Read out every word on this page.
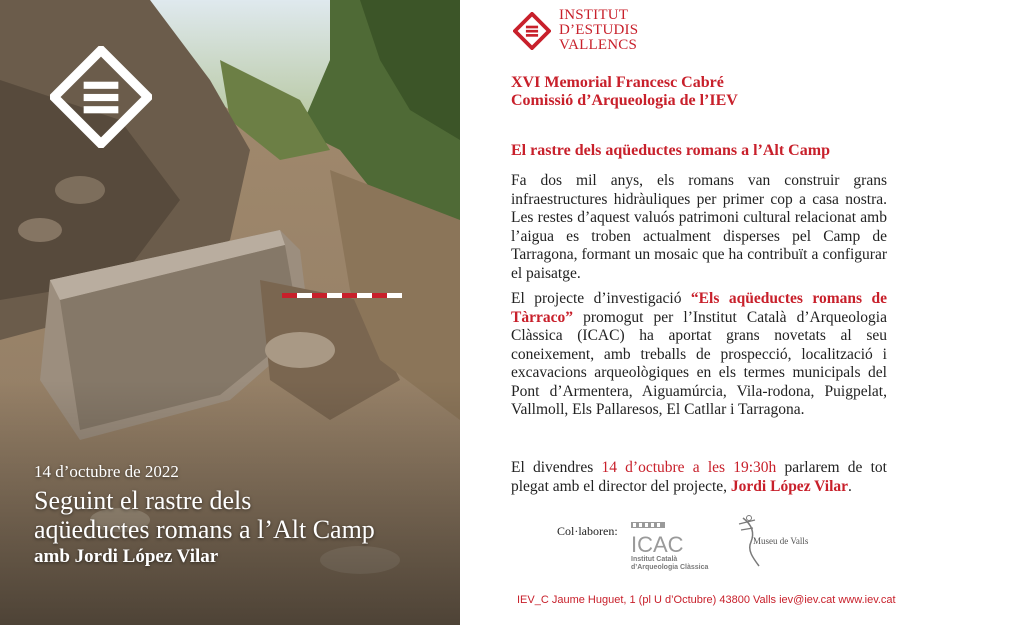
14 d’octubre de 2022
Seguint el rastre dels
aqüeductes romans a l’Alt Camp
amb Jordi López Vilar
INSTITUT
D’ESTUDIS
VALLENCS
XVI Memorial Francesc Cabré
Comissió d’Arqueologia de l’IEV
El rastre dels aqüeductes romans a l’Alt Camp
Fa dos mil anys, els romans van construir grans infraestructures hidràuliques per primer cop a casa nostra. Les restes d’aquest valuós patrimoni cultural relacionat amb l’aigua es troben actualment disperses pel Camp de Tarragona, formant un mosaic que ha contribuït a configurar el paisatge.
El projecte d’investigació “Els aqüeductes romans de Tàrraco” promogut per l’Institut Català d’Arqueologia Clàssica (ICAC) ha aportat grans novetats al seu coneixement, amb treballs de prospecció, localització i excavacions arqueològiques en els termes municipals del Pont d’Armentera, Aiguamúrcia, Vila-rodona, Puigpelat, Vallmoll, Els Pallaresos, El Catllar i Tarragona.
El divendres 14 d’octubre a les 19:30h parlarem de tot plegat amb el director del projecte, Jordi López Vilar.
Col·laboren:
ICAC
Institut Català
d’Arqueologia Clàssica
Museu de Valls
IEV_C Jaume Huguet, 1 (pl U d’Octubre) 43800 Valls iev@iev.cat www.iev.cat
